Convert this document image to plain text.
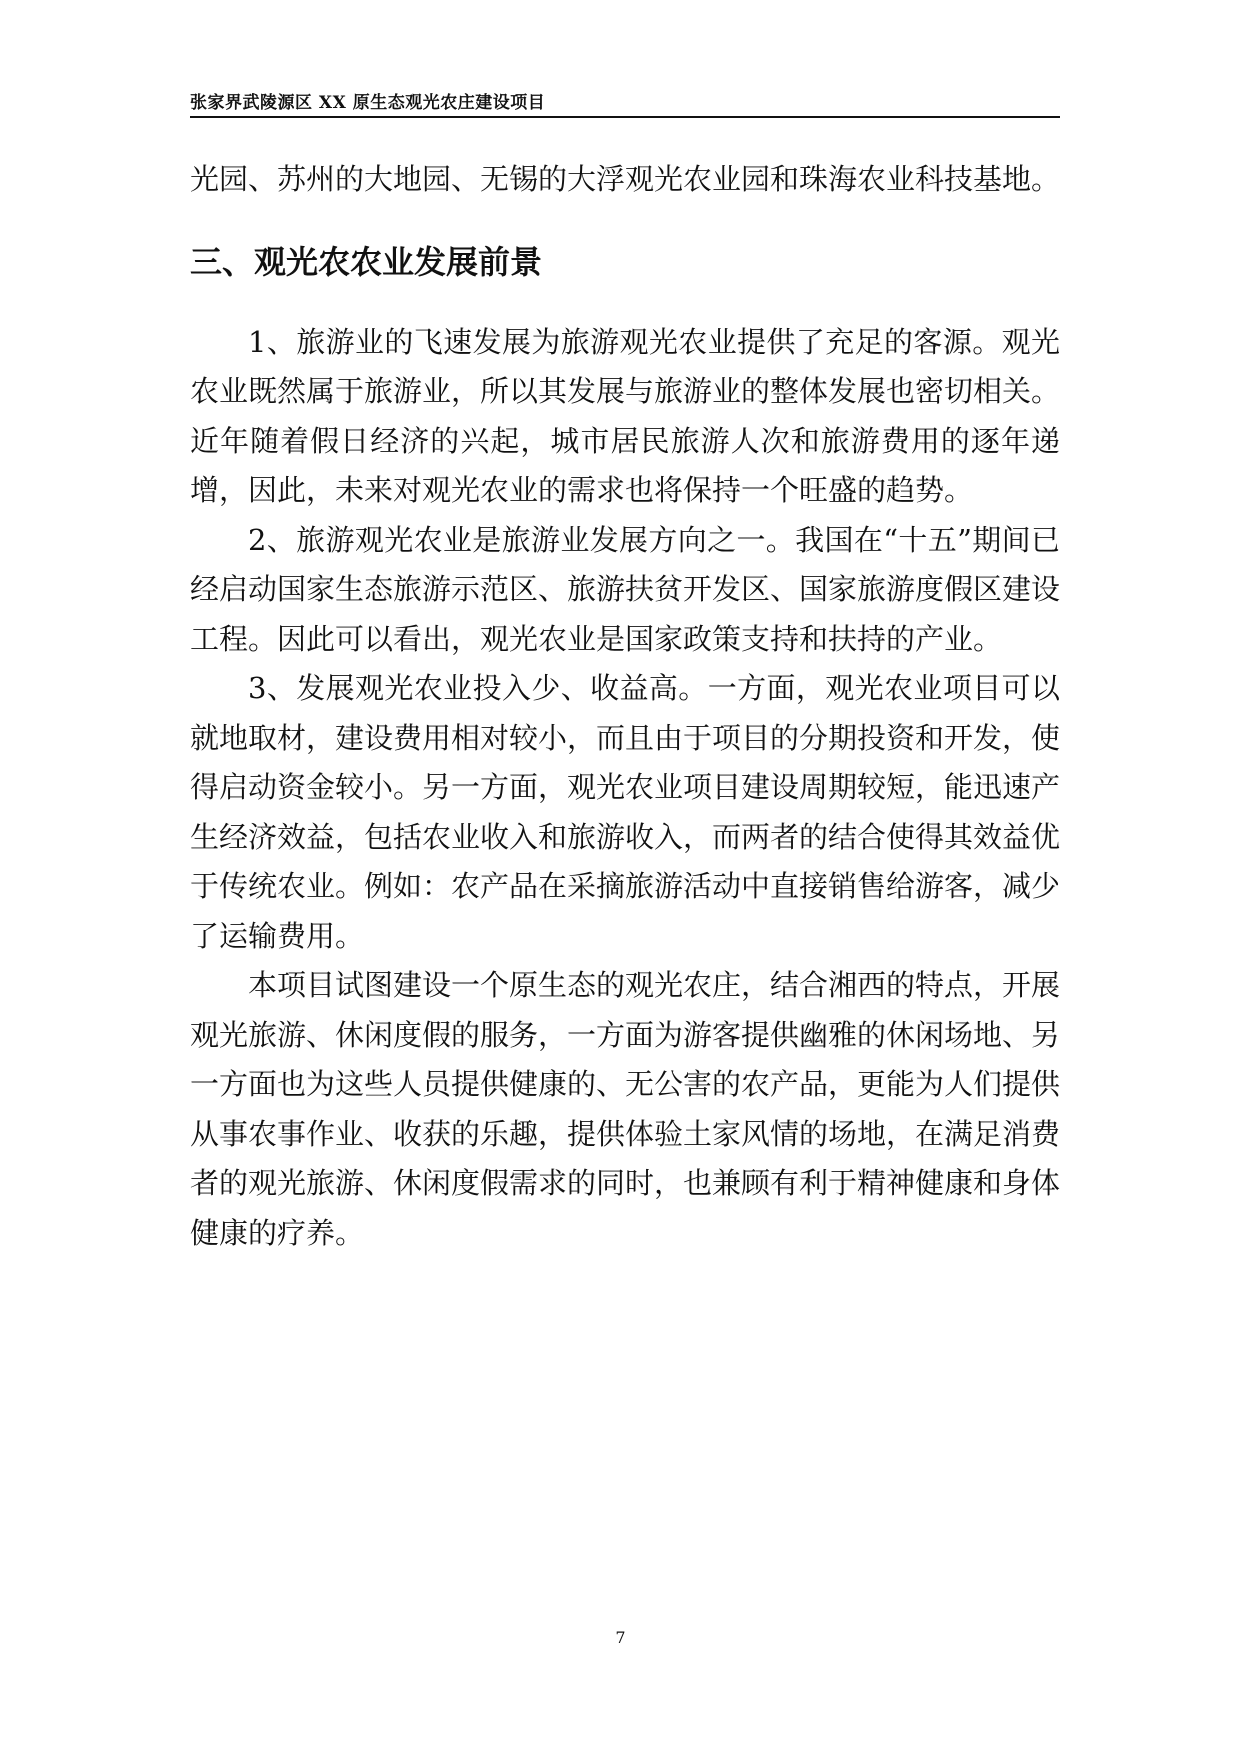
张家界武陵源区 XX 原生态观光农庄建设项目

光园、苏州的大地园、无锡的大浮观光农业园和珠海农业科技基地。

三、观光农农业发展前景

1、旅游业的飞速发展为旅游观光农业提供了充足的客源。观光农业既然属于旅游业，所以其发展与旅游业的整体发展也密切相关。近年随着假日经济的兴起，城市居民旅游人次和旅游费用的逐年递增，因此，未来对观光农业的需求也将保持一个旺盛的趋势。

2、旅游观光农业是旅游业发展方向之一。我国在“十五”期间已经启动国家生态旅游示范区、旅游扶贫开发区、国家旅游度假区建设工程。因此可以看出，观光农业是国家政策支持和扶持的产业。

3、发展观光农业投入少、收益高。一方面，观光农业项目可以就地取材，建设费用相对较小，而且由于项目的分期投资和开发，使得启动资金较小。另一方面，观光农业项目建设周期较短，能迅速产生经济效益，包括农业收入和旅游收入，而两者的结合使得其效益优于传统农业。例如：农产品在采摘旅游活动中直接销售给游客，减少了运输费用。

本项目试图建设一个原生态的观光农庄，结合湘西的特点，开展观光旅游、休闲度假的服务，一方面为游客提供幽雅的休闲场地、另一方面也为这些人员提供健康的、无公害的农产品，更能为人们提供从事农事作业、收获的乐趣，提供体验土家风情的场地，在满足消费者的观光旅游、休闲度假需求的同时，也兼顾有利于精神健康和身体健康的疗养。

7
